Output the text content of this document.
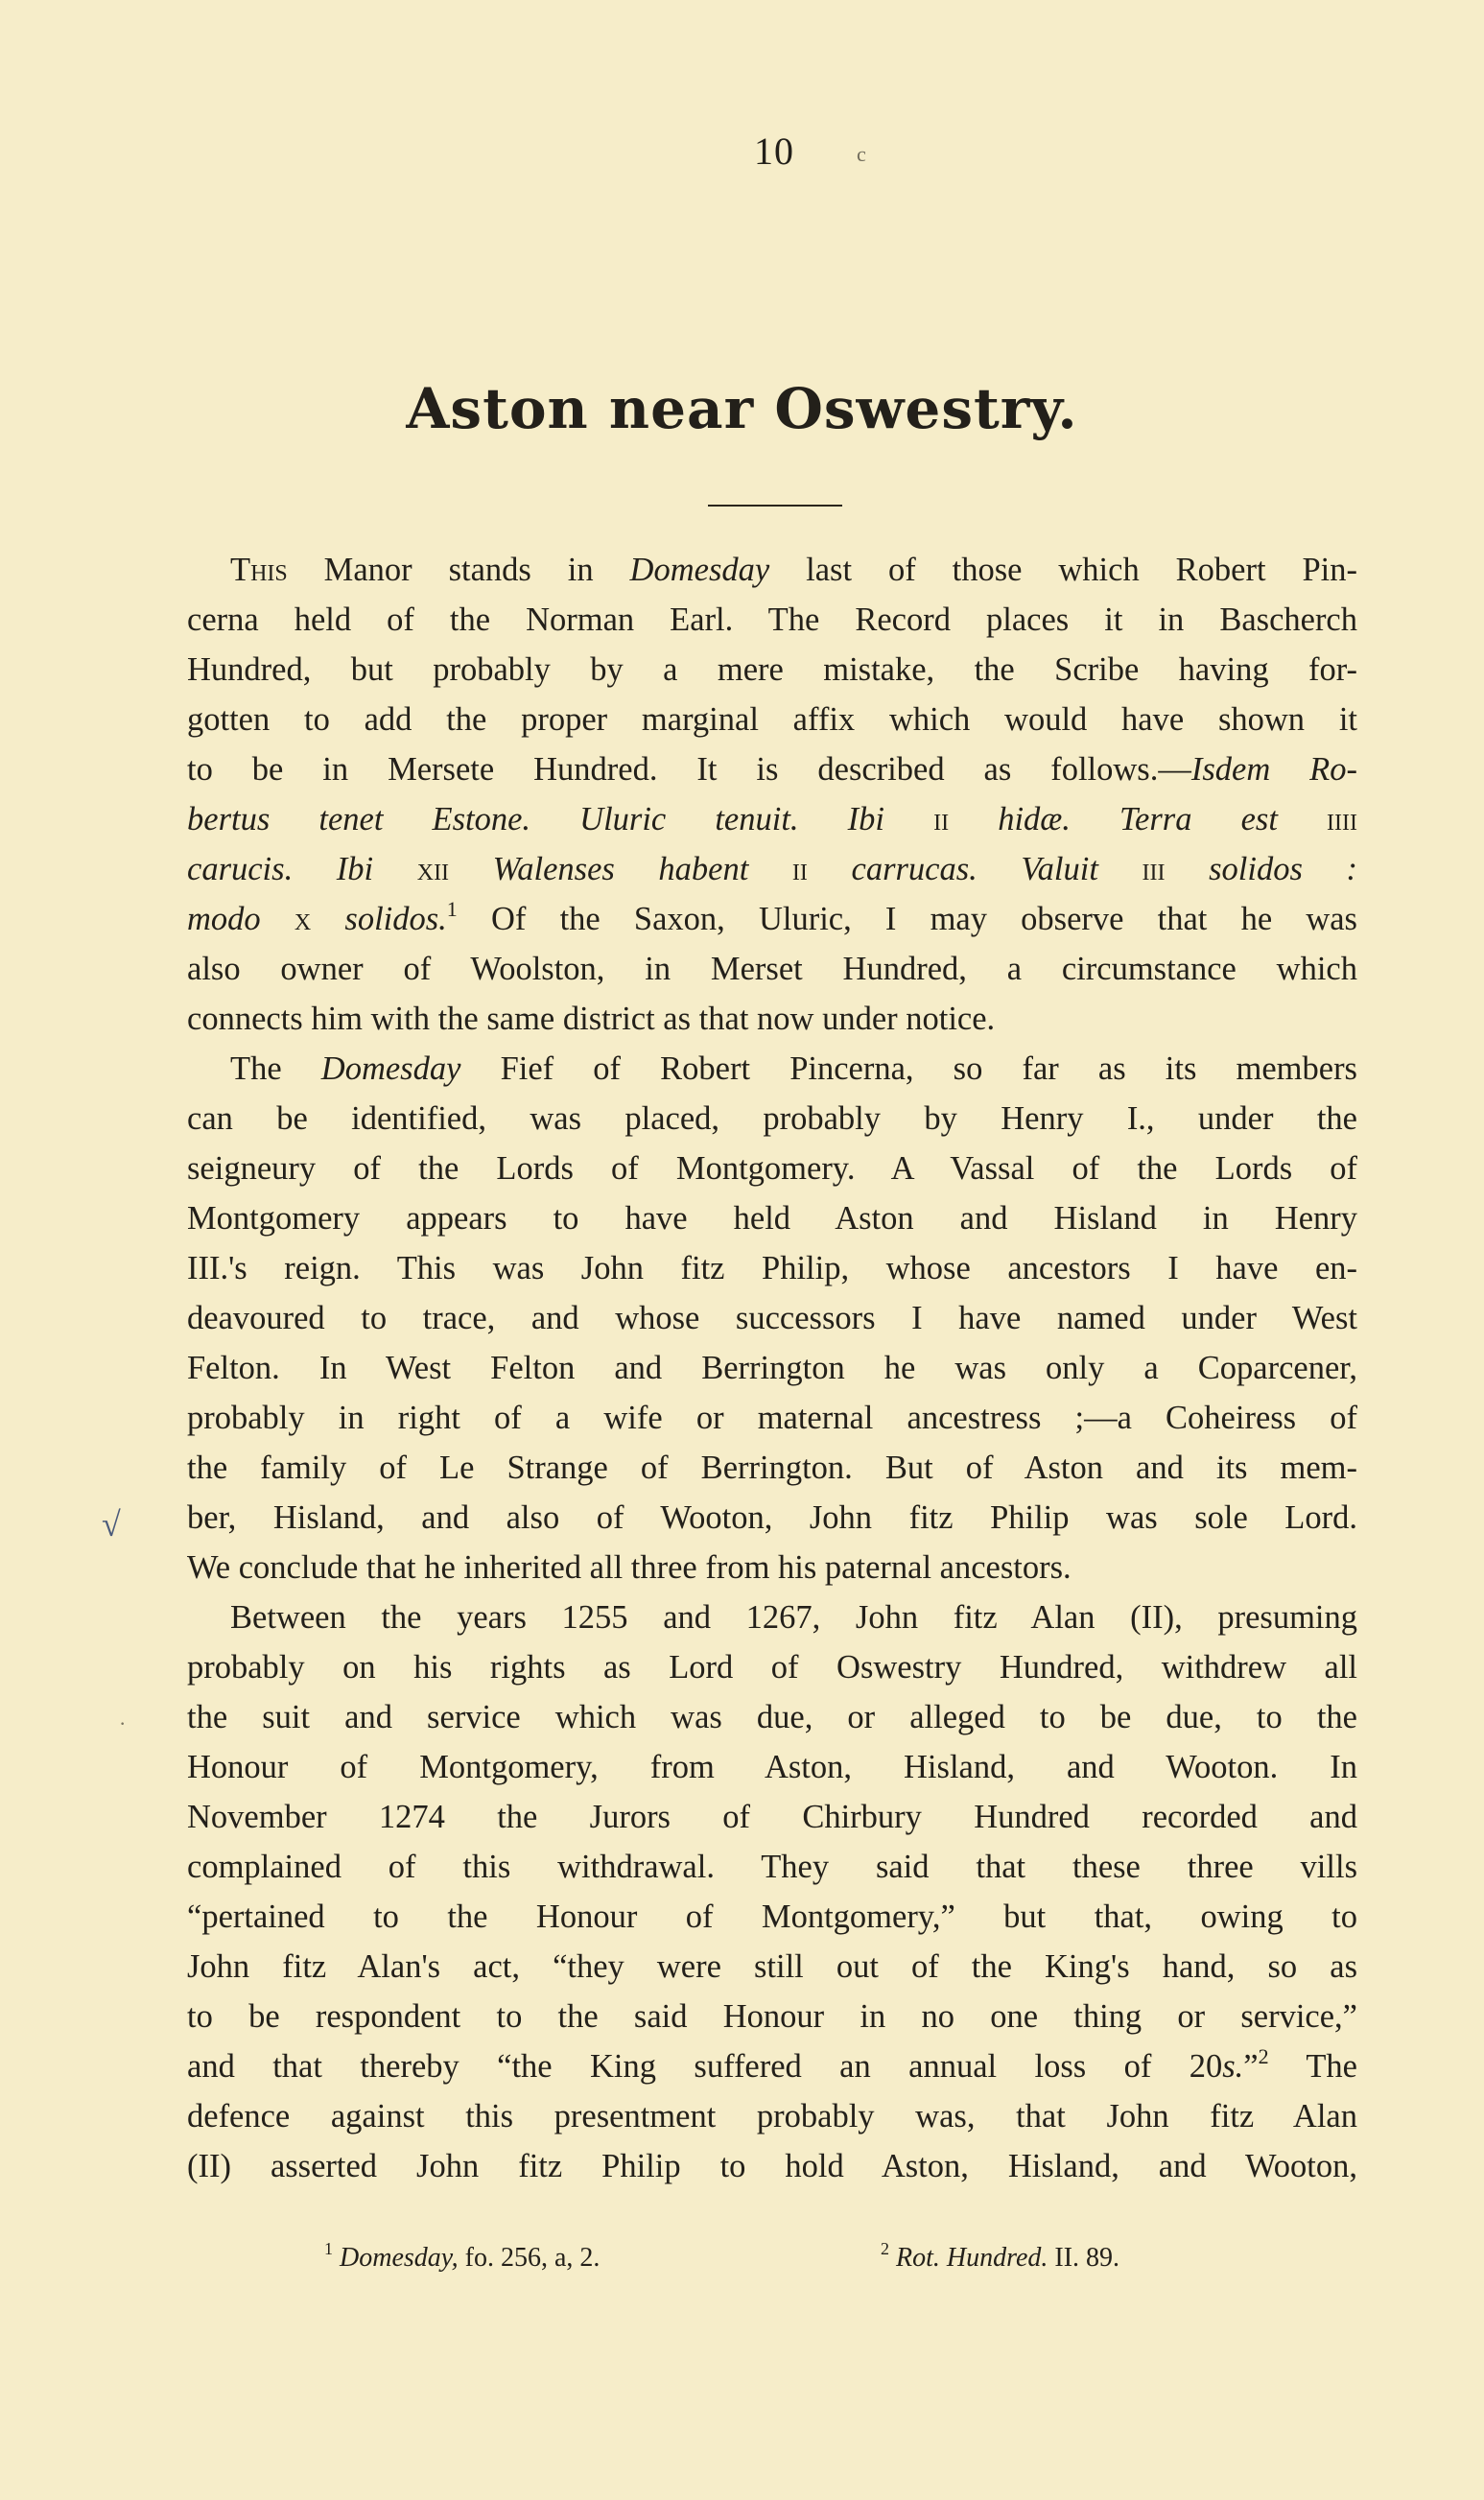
10	c
Aston near Oswestry.
√
·
This Manor stands in Domesday last of those which Robert Pin-
cerna held of the Norman Earl. The Record places it in Bascherch
Hundred, but probably by a mere mistake, the Scribe having for-
gotten to add the proper marginal affix which would have shown it
to be in Mersete Hundred. It is described as follows.—Isdem Ro-
bertus tenet Estone. Uluric tenuit. Ibi ii hidæ. Terra est iiii
carucis. Ibi xii Walenses habent ii carrucas. Valuit iii solidos :
modo x solidos.$^1$ Of the Saxon, Uluric, I may observe that he was
also owner of Woolston, in Merset Hundred, a circumstance which
connects him with the same district as that now under notice.
The Domesday Fief of Robert Pincerna, so far as its members
can be identified, was placed, probably by Henry I., under the
seigneury of the Lords of Montgomery. A Vassal of the Lords of
Montgomery appears to have held Aston and Hisland in Henry
III.'s reign. This was John fitz Philip, whose ancestors I have en-
deavoured to trace, and whose successors I have named under West
Felton. In West Felton and Berrington he was only a Coparcener,
probably in right of a wife or maternal ancestress ;—a Coheiress of
the family of Le Strange of Berrington. But of Aston and its mem-
ber, Hisland, and also of Wooton, John fitz Philip was sole Lord.
We conclude that he inherited all three from his paternal ancestors.
Between the years 1255 and 1267, John fitz Alan (II), presuming
probably on his rights as Lord of Oswestry Hundred, withdrew all
the suit and service which was due, or alleged to be due, to the
Honour of Montgomery, from Aston, Hisland, and Wooton. In
November 1274 the Jurors of Chirbury Hundred recorded and
complained of this withdrawal. They said that these three vills
“pertained to the Honour of Montgomery,” but that, owing to
John fitz Alan's act, “they were still out of the King's hand, so as
to be respondent to the said Honour in no one thing or service,”
and that thereby “the King suffered an annual loss of 20s.”$^2$ The
defence against this presentment probably was, that John fitz Alan
(II) asserted John fitz Philip to hold Aston, Hisland, and Wooton,
$^1$ Domesday, fo. 256, a, 2.	$^2$ Rot. Hundred. II. 89.
